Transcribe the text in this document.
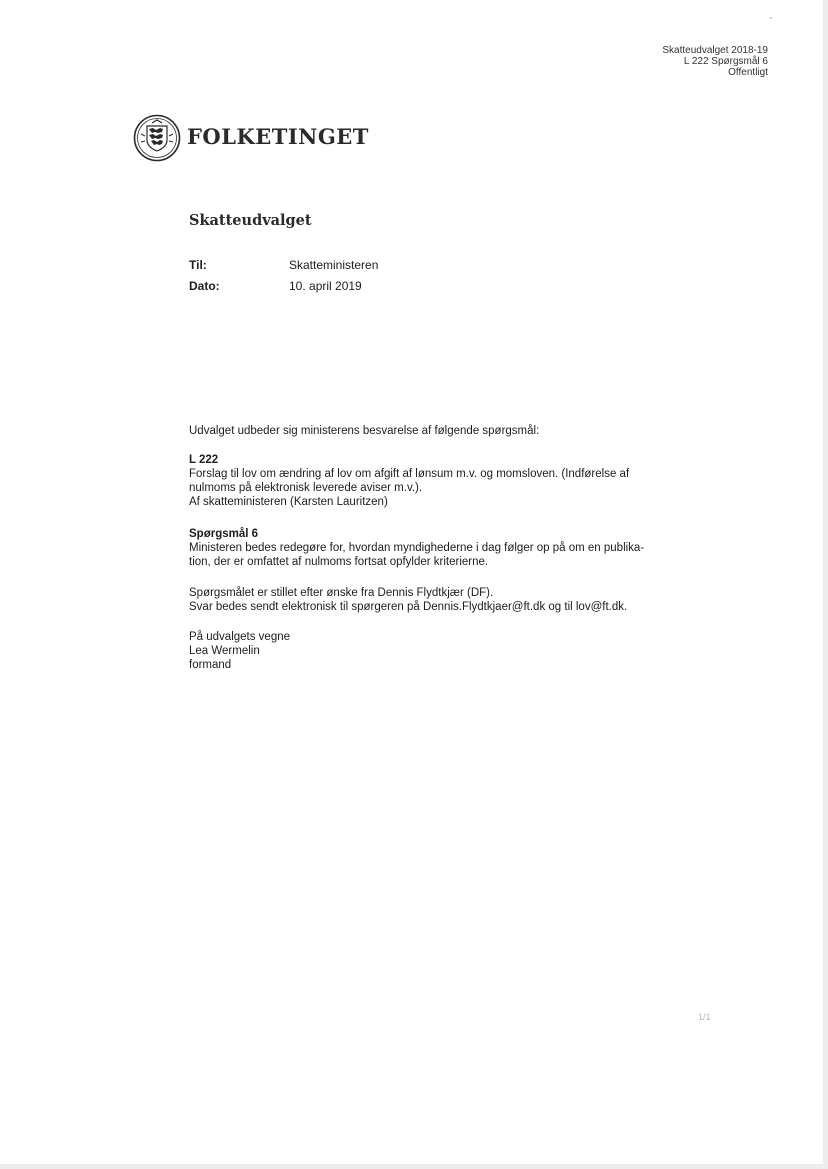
Skatteudvalget 2018-19
L 222 Spørgsmål 6
Offentligt
FOLKETINGET
Skatteudvalget
Til:	Skatteministeren
Dato:	10. april 2019
Udvalget udbeder sig ministerens besvarelse af følgende spørgsmål:
L 222
Forslag til lov om ændring af lov om afgift af lønsum m.v. og momsloven. (Indførelse af
nulmoms på elektronisk leverede aviser m.v.).
Af skatteministeren (Karsten Lauritzen)
Spørgsmål 6
Ministeren bedes redegøre for, hvordan myndighederne i dag følger op på om en publika-
tion, der er omfattet af nulmoms fortsat opfylder kriterierne.
Spørgsmålet er stillet efter ønske fra Dennis Flydtkjær (DF).
Svar bedes sendt elektronisk til spørgeren på Dennis.Flydtkjaer@ft.dk og til lov@ft.dk.
På udvalgets vegne
Lea Wermelin
formand
1/1
